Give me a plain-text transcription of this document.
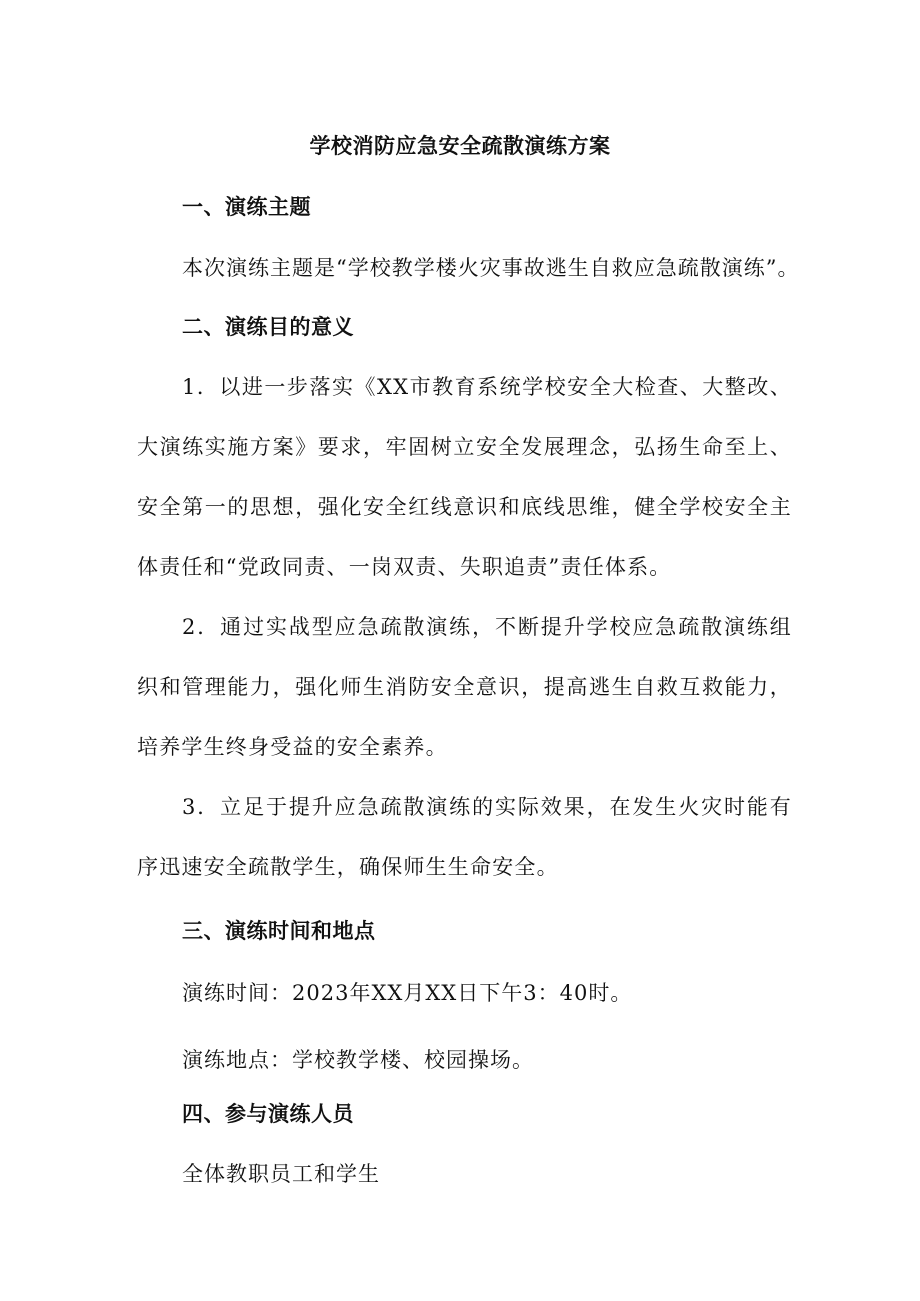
学校消防应急安全疏散演练方案
一、演练主题
本次演练主题是“学校教学楼火灾事故逃生自救应急疏散演练”。
二、演练目的意义
1．以进一步落实《XX市教育系统学校安全大检查、大整改、大演练实施方案》要求，牢固树立安全发展理念，弘扬生命至上、安全第一的思想，强化安全红线意识和底线思维，健全学校安全主体责任和“党政同责、一岗双责、失职追责”责任体系。
2．通过实战型应急疏散演练，不断提升学校应急疏散演练组织和管理能力，强化师生消防安全意识，提高逃生自救互救能力，培养学生终身受益的安全素养。
3．立足于提升应急疏散演练的实际效果，在发生火灾时能有序迅速安全疏散学生，确保师生生命安全。
三、演练时间和地点
演练时间：2023年XX月XX日下午3：40时。
演练地点：学校教学楼、校园操场。
四、参与演练人员
全体教职员工和学生
